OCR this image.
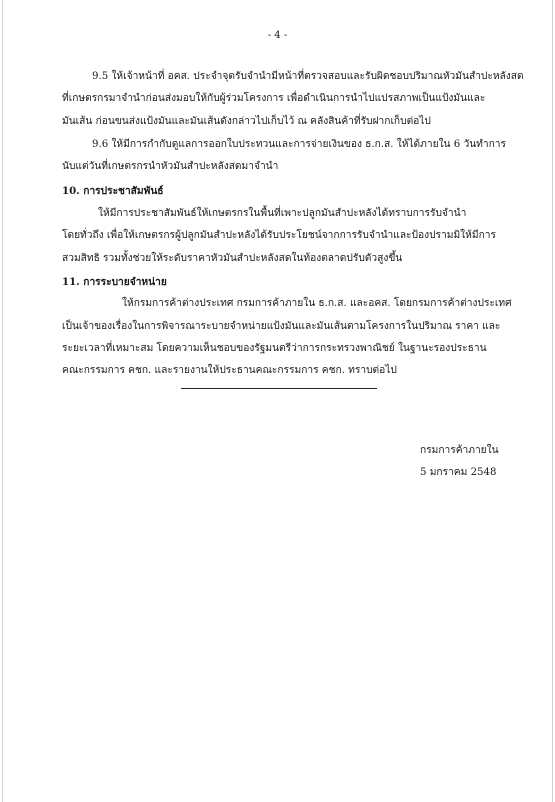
- 4 -
9.5 ให้เจ้าหน้าที่ อคส. ประจำจุดรับจำนำมีหน้าที่ตรวจสอบและรับผิดชอบปริมาณหัวมันสำปะหลังสด
ที่เกษตรกรมาจำนำก่อนส่งมอบให้กับผู้ร่วมโครงการ เพื่อดำเนินการนำไปแปรสภาพเป็นแป้งมันและ
มันเส้น ก่อนขนส่งแป้งมันและมันเส้นดังกล่าวไปเก็บไว้ ณ คลังสินค้าที่รับฝากเก็บต่อไป
9.6 ให้มีการกำกับดูแลการออกใบประทวนและการจ่ายเงินของ ธ.ก.ส. ให้ได้ภายใน 6 วันทำการ
นับแต่วันที่เกษตรกรนำหัวมันสำปะหลังสดมาจำนำ
10. การประชาสัมพันธ์
ให้มีการประชาสัมพันธ์ให้เกษตรกรในพื้นที่เพาะปลูกมันสำปะหลังได้ทราบการรับจำนำ
โดยทั่วถึง เพื่อให้เกษตรกรผู้ปลูกมันสำปะหลังได้รับประโยชน์จากการรับจำนำและป้องปรามมิให้มีการ
สวมสิทธิ รวมทั้งช่วยให้ระดับราคาหัวมันสำปะหลังสดในท้องตลาดปรับตัวสูงขึ้น
11. การระบายจำหน่าย
ให้กรมการค้าต่างประเทศ กรมการค้าภายใน ธ.ก.ส. และอคส. โดยกรมการค้าต่างประเทศ
เป็นเจ้าของเรื่องในการพิจารณาระบายจำหน่ายแป้งมันและมันเส้นตามโครงการในปริมาณ ราคา และ
ระยะเวลาที่เหมาะสม โดยความเห็นชอบของรัฐมนตรีว่าการกระทรวงพาณิชย์ ในฐานะรองประธาน
คณะกรรมการ คชก. และรายงานให้ประธานคณะกรรมการ คชก. ทราบต่อไป
กรมการค้าภายใน
5 มกราคม 2548
